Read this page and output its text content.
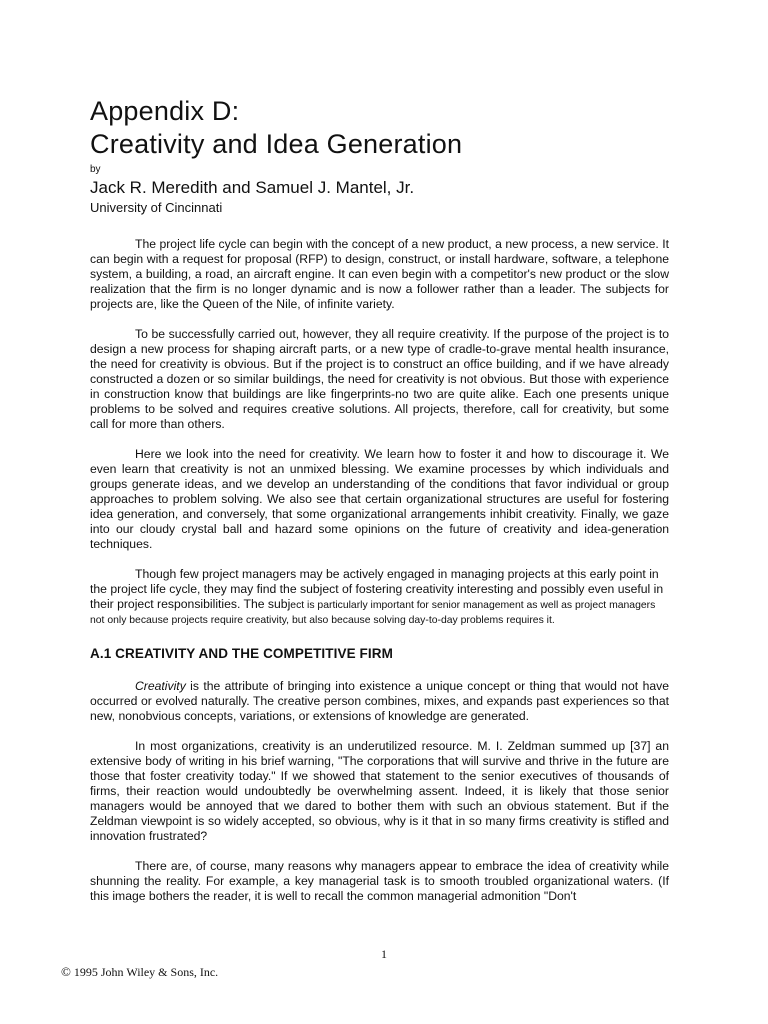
Appendix D:
Creativity and Idea Generation
by
Jack R. Meredith and Samuel J. Mantel, Jr.
University of Cincinnati

The project life cycle can begin with the concept of a new product, a new process, a new service. It can begin with a request for proposal (RFP) to design, construct, or install hardware, software, a telephone system, a building, a road, an aircraft engine. It can even begin with a competitor's new product or the slow realization that the firm is no longer dynamic and is now a follower rather than a leader. The subjects for projects are, like the Queen of the Nile, of infinite variety.

To be successfully carried out, however, they all require creativity. If the purpose of the project is to design a new process for shaping aircraft parts, or a new type of cradle-to-grave mental health insurance, the need for creativity is obvious. But if the project is to construct an office building, and if we have already constructed a dozen or so similar buildings, the need for creativity is not obvious. But those with experience in construction know that buildings are like fingerprints-no two are quite alike. Each one presents unique problems to be solved and requires creative solutions. All projects, therefore, call for creativity, but some call for more than others.

Here we look into the need for creativity. We learn how to foster it and how to discourage it. We even learn that creativity is not an unmixed blessing. We examine processes by which individuals and groups generate ideas, and we develop an understanding of the conditions that favor individual or group approaches to problem solving. We also see that certain organizational structures are useful for fostering idea generation, and conversely, that some organizational arrangements inhibit creativity. Finally, we gaze into our cloudy crystal ball and hazard some opinions on the future of creativity and idea-generation techniques.

Though few project managers may be actively engaged in managing projects at this early point in the project life cycle, they may find the subject of fostering creativity interesting and possibly even useful in their project responsibilities. The subject is particularly important for senior management as well as project managers not only because projects require creativity, but also because solving day-to-day problems requires it.

A.1 CREATIVITY AND THE COMPETITIVE FIRM

Creativity is the attribute of bringing into existence a unique concept or thing that would not have occurred or evolved naturally. The creative person combines, mixes, and expands past experiences so that new, nonobvious concepts, variations, or extensions of knowledge are generated.

In most organizations, creativity is an underutilized resource. M. I. Zeldman summed up [37] an extensive body of writing in his brief warning, "The corporations that will survive and thrive in the future are those that foster creativity today." If we showed that statement to the senior executives of thousands of firms, their reaction would undoubtedly be overwhelming assent. Indeed, it is likely that those senior managers would be annoyed that we dared to bother them with such an obvious statement. But if the Zeldman viewpoint is so widely accepted, so obvious, why is it that in so many firms creativity is stifled and innovation frustrated?

There are, of course, many reasons why managers appear to embrace the idea of creativity while shunning the reality. For example, a key managerial task is to smooth troubled organizational waters. (If this image bothers the reader, it is well to recall the common managerial admonition "Don't

1
© 1995 John Wiley & Sons, Inc.
